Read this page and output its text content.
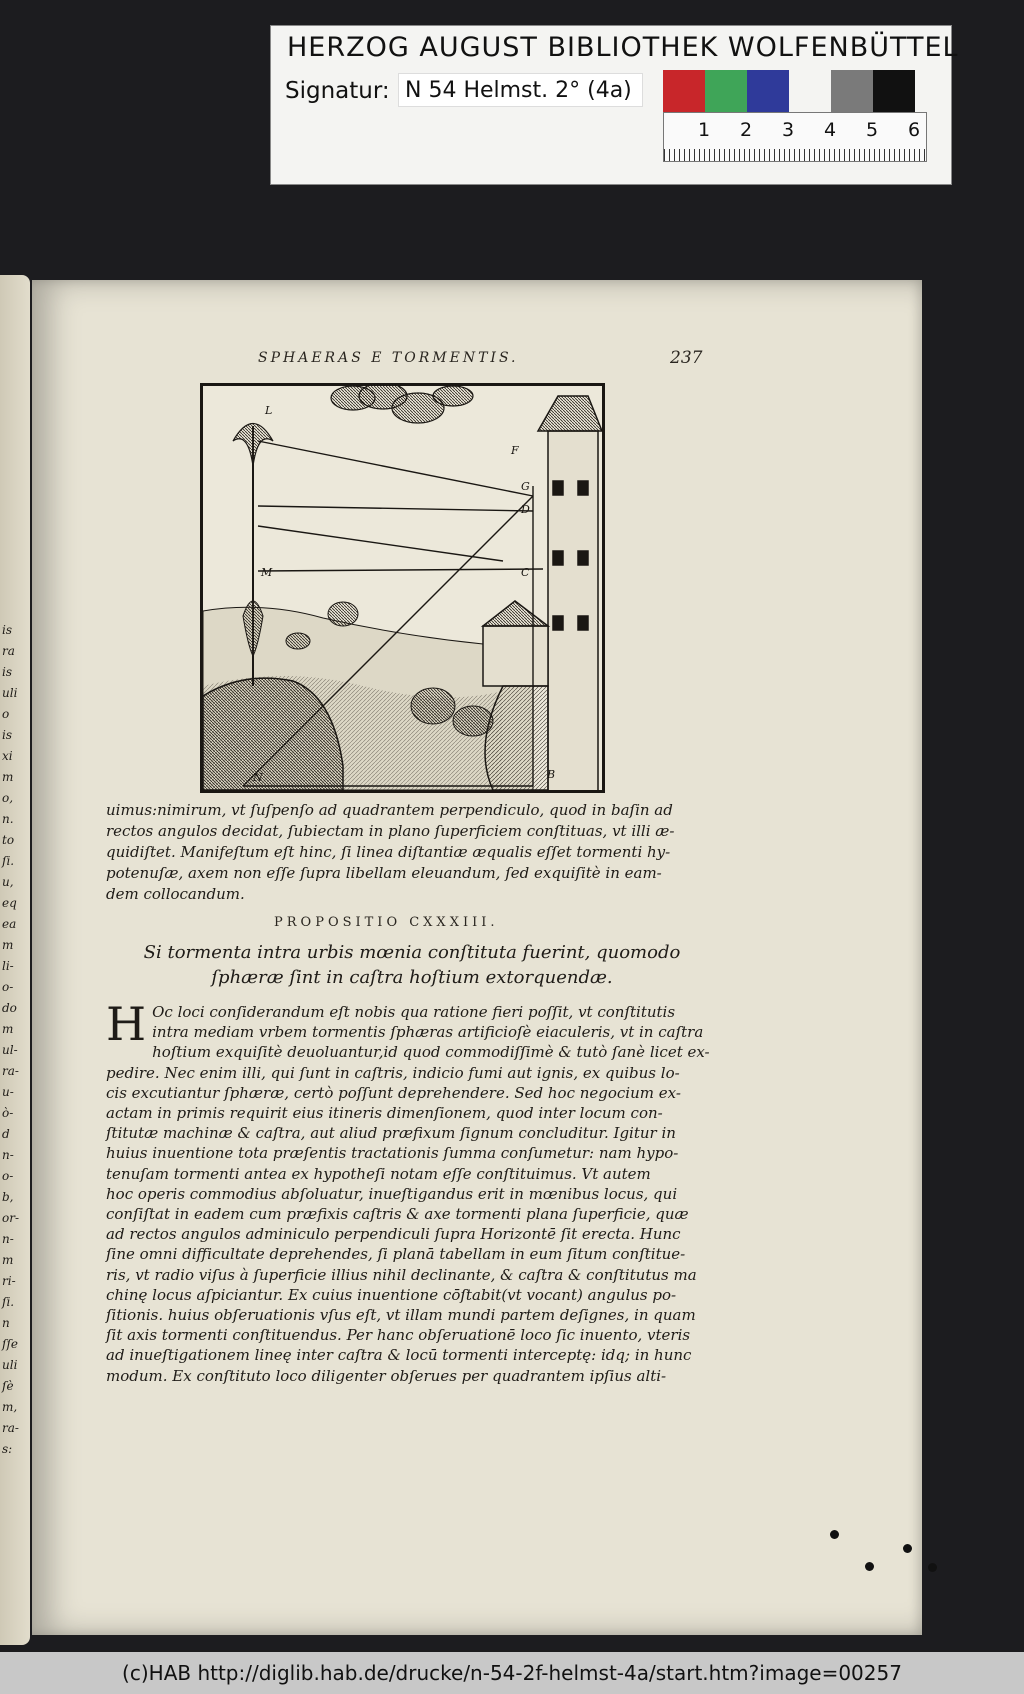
HERZOG AUGUST BIBLIOTHEK WOLFENBÜTTEL
Signatur: N 54 Helmst. 2° (4a)
1 2 3 4 5 6
is
ra
is
uli
o
is
xi
m
o,
n.
to
ſi.
u,
eq
ea
m
li-
o-
do
m
ul-
ra-
u-
ò-
d
n-
o-
b,
or-
n-
m
ri-
ſi.
n
ſſe
uli
ſè
m,
ra-
s:
SPHAERAS E TORMENTIS.	237
L
F
G
D
C
M
B
N

uimus:nimirum, vt ſuſpenſo ad quadrantem perpendiculo, quod in baſin ad

rectos angulos decidat, ſubiectam in plano ſuperficiem conſtituas, vt illi æ-

quidiſtet. Manifeſtum eſt hinc, ſi linea diſtantiæ æqualis eſſet tormenti hy-

potenuſæ, axem non eſſe ſupra libellam eleuandum, ſed exquiſitè in eam-

dem collocandum.

PROPOSITIO CXXXIII.
Si tormenta intra urbis mœnia conſtituta fuerint, quomodo
ſphæræ ſint in caſtra hoſtium extorquendæ.
H Oc loci conſiderandum eſt nobis qua ratione fieri poſſit, vt conſtitutis

intra mediam vrbem tormentis ſphæras artificioſè eiaculeris, vt in caſtra

hoſtium exquiſitè deuoluantur,id quod commodiſſimè & tutò ſanè licet ex-

pedire. Nec enim illi, qui ſunt in caſtris, indicio fumi aut ignis, ex quibus lo-

cis excutiantur ſphæræ, certò poſſunt deprehendere. Sed hoc negocium ex-

actam in primis requirit eius itineris dimenſionem, quod inter locum con-

ſtitutæ machinæ & caſtra, aut aliud præfixum ſignum concluditur. Igitur in

huius inuentione tota præſentis tractationis ſumma conſumetur: nam hypo-

tenuſam tormenti antea ex hypotheſi notam eſſe conſtituimus. Vt autem

hoc operis commodius abſoluatur, inueſtigandus erit in mœnibus locus, qui

conſiſtat in eadem cum præfixis caſtris & axe tormenti plana ſuperficie, quæ

ad rectos angulos adminiculo perpendiculi ſupra Horizontē ſit erecta. Hunc

ſine omni difficultate deprehendes, ſi planā tabellam in eum ſitum conſtitue-

ris, vt radio viſus à ſuperficie illius nihil declinante, & caſtra & conſtitutus ma

chinę locus aſpiciantur. Ex cuius inuentione cōſtabit(vt vocant) angulus po-

ſitionis. huius obſeruationis vſus eſt, vt illam mundi partem deſignes, in quam

ſit axis tormenti conſtituendus. Per hanc obſeruationē loco ſic inuento, vteris

ad inueſtigationem lineę inter caſtra & locū tormenti interceptę: idq; in hunc

modum. Ex conſtituto loco diligenter obſerues per quadrantem ipſius alti-

(c)HAB http://diglib.hab.de/drucke/n-54-2f-helmst-4a/start.htm?image=00257
